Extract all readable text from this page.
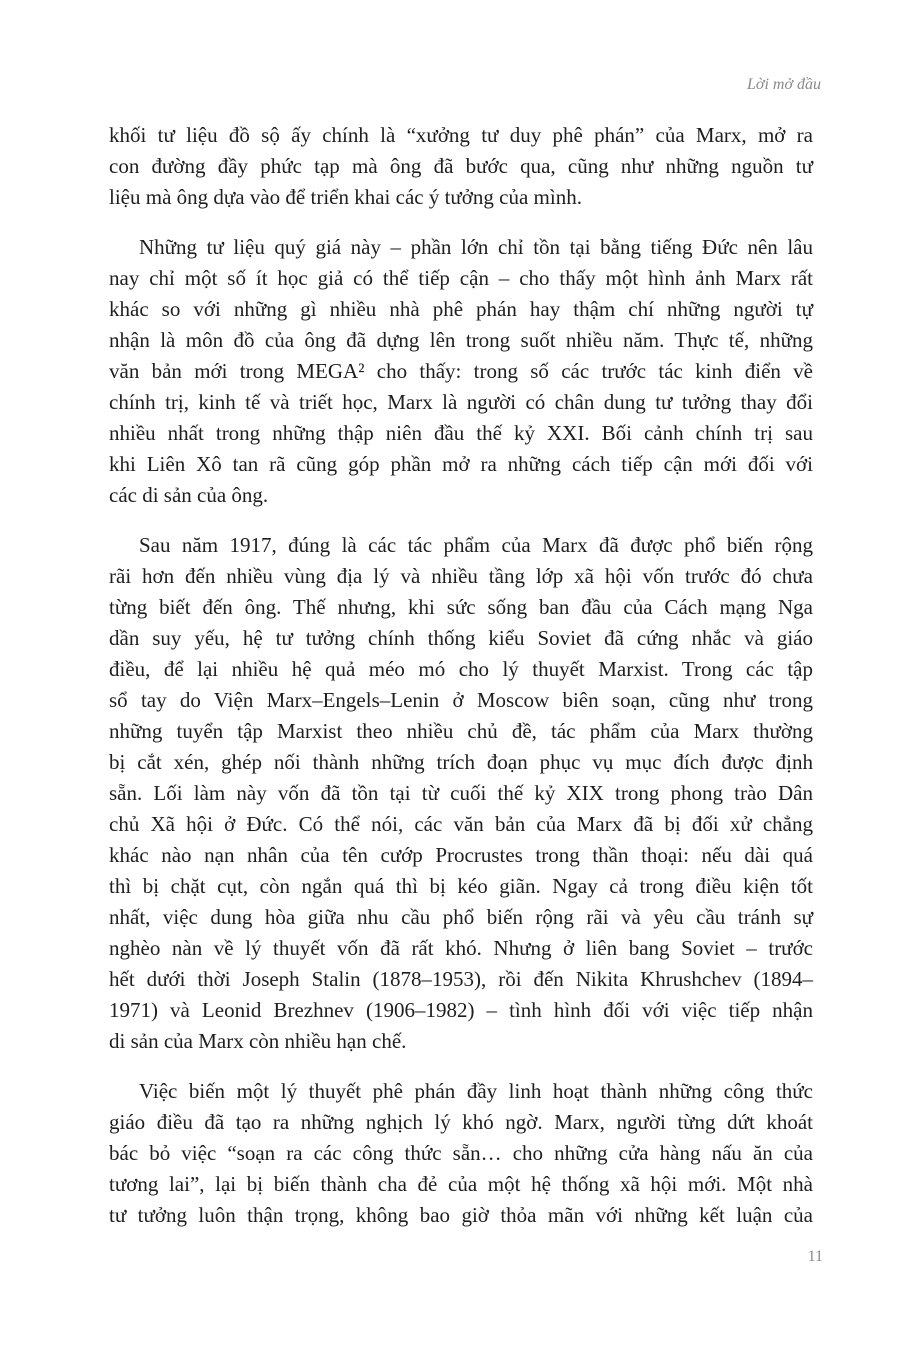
Lời mở đầu
khối tư liệu đồ sộ ấy chính là “xưởng tư duy phê phán” của Marx, mở ra
con đường đầy phức tạp mà ông đã bước qua, cũng như những nguồn tư
liệu mà ông dựa vào để triển khai các ý tưởng của mình.
Những tư liệu quý giá này – phần lớn chỉ tồn tại bằng tiếng Đức nên lâu
nay chỉ một số ít học giả có thể tiếp cận – cho thấy một hình ảnh Marx rất
khác so với những gì nhiều nhà phê phán hay thậm chí những người tự
nhận là môn đồ của ông đã dựng lên trong suốt nhiều năm. Thực tế, những
văn bản mới trong MEGA² cho thấy: trong số các trước tác kinh điển về
chính trị, kinh tế và triết học, Marx là người có chân dung tư tưởng thay đổi
nhiều nhất trong những thập niên đầu thế kỷ XXI. Bối cảnh chính trị sau
khi Liên Xô tan rã cũng góp phần mở ra những cách tiếp cận mới đối với
các di sản của ông.
Sau năm 1917, đúng là các tác phẩm của Marx đã được phổ biến rộng
rãi hơn đến nhiều vùng địa lý và nhiều tầng lớp xã hội vốn trước đó chưa
từng biết đến ông. Thế nhưng, khi sức sống ban đầu của Cách mạng Nga
dần suy yếu, hệ tư tưởng chính thống kiểu Soviet đã cứng nhắc và giáo
điều, để lại nhiều hệ quả méo mó cho lý thuyết Marxist. Trong các tập
sổ tay do Viện Marx–Engels–Lenin ở Moscow biên soạn, cũng như trong
những tuyển tập Marxist theo nhiều chủ đề, tác phẩm của Marx thường
bị cắt xén, ghép nối thành những trích đoạn phục vụ mục đích được định
sẵn. Lối làm này vốn đã tồn tại từ cuối thế kỷ XIX trong phong trào Dân
chủ Xã hội ở Đức. Có thể nói, các văn bản của Marx đã bị đối xử chẳng
khác nào nạn nhân của tên cướp Procrustes trong thần thoại: nếu dài quá
thì bị chặt cụt, còn ngắn quá thì bị kéo giãn. Ngay cả trong điều kiện tốt
nhất, việc dung hòa giữa nhu cầu phổ biến rộng rãi và yêu cầu tránh sự
nghèo nàn về lý thuyết vốn đã rất khó. Nhưng ở liên bang Soviet – trước
hết dưới thời Joseph Stalin (1878–1953), rồi đến Nikita Khrushchev (1894–
1971) và Leonid Brezhnev (1906–1982) – tình hình đối với việc tiếp nhận
di sản của Marx còn nhiều hạn chế.
Việc biến một lý thuyết phê phán đầy linh hoạt thành những công thức
giáo điều đã tạo ra những nghịch lý khó ngờ. Marx, người từng dứt khoát
bác bỏ việc “soạn ra các công thức sẵn… cho những cửa hàng nấu ăn của
tương lai”, lại bị biến thành cha đẻ của một hệ thống xã hội mới. Một nhà
tư tưởng luôn thận trọng, không bao giờ thỏa mãn với những kết luận của
11
